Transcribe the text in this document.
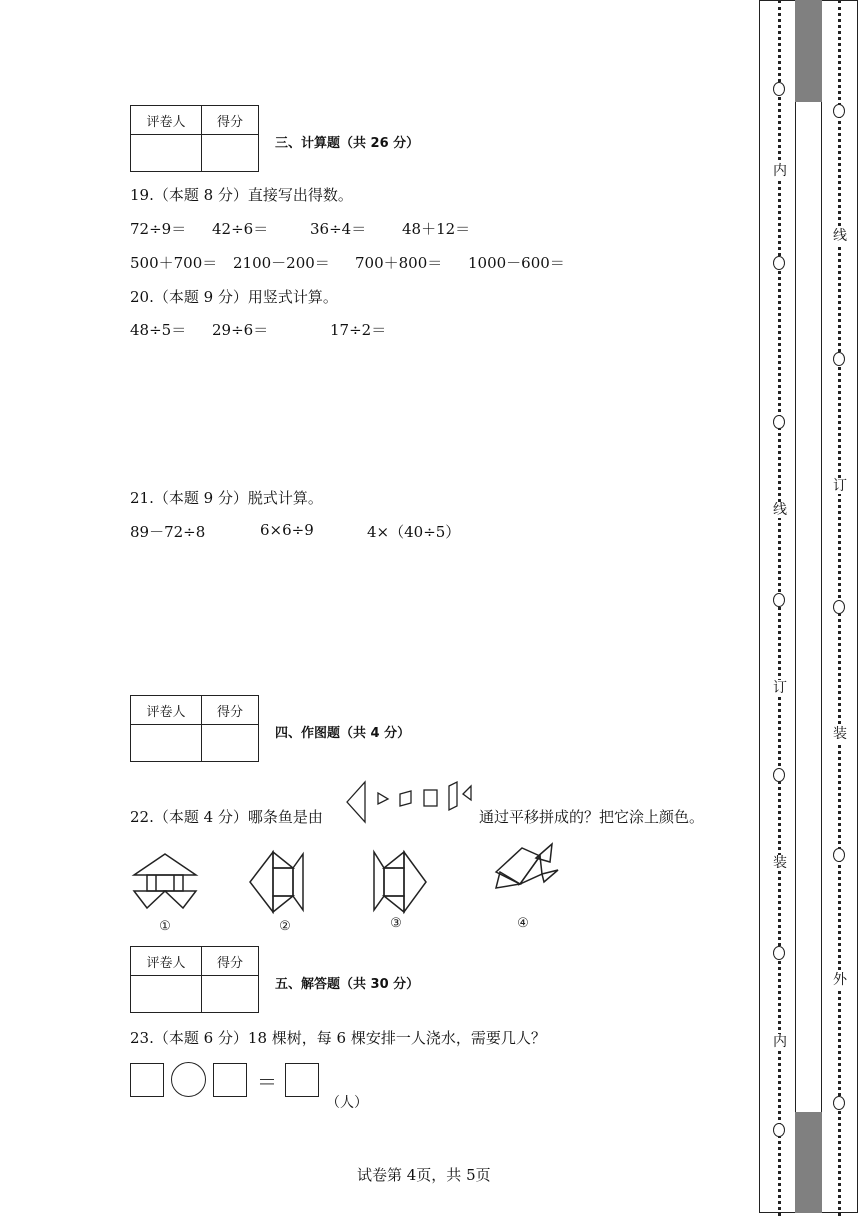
评卷人	得分

三、计算题（共 26 分）
19.（本题 8 分）直接写出得数。
72÷9＝	42÷6＝	36÷4＝	48＋12＝
500＋700＝	2100－200＝	700＋800＝	1000－600＝
20.（本题 9 分）用竖式计算。
48÷5＝	29÷6＝	17÷2＝
21.（本题 9 分）脱式计算。
89－72÷8	6×6÷9	4×（40÷5）
评卷人	得分

四、作图题（共 4 分）
22.（本题 4 分）哪条鱼是由	通过平移拼成的？把它涂上颜色。
①	②	③	④
评卷人	得分

五、解答题（共 30 分）
23.（本题 6 分）18 棵树，每 6 棵安排一人浇水，需要几人？
＝
（人）
试卷第 4页，共 5页
内
线
订
装
内
线
订
装
外
